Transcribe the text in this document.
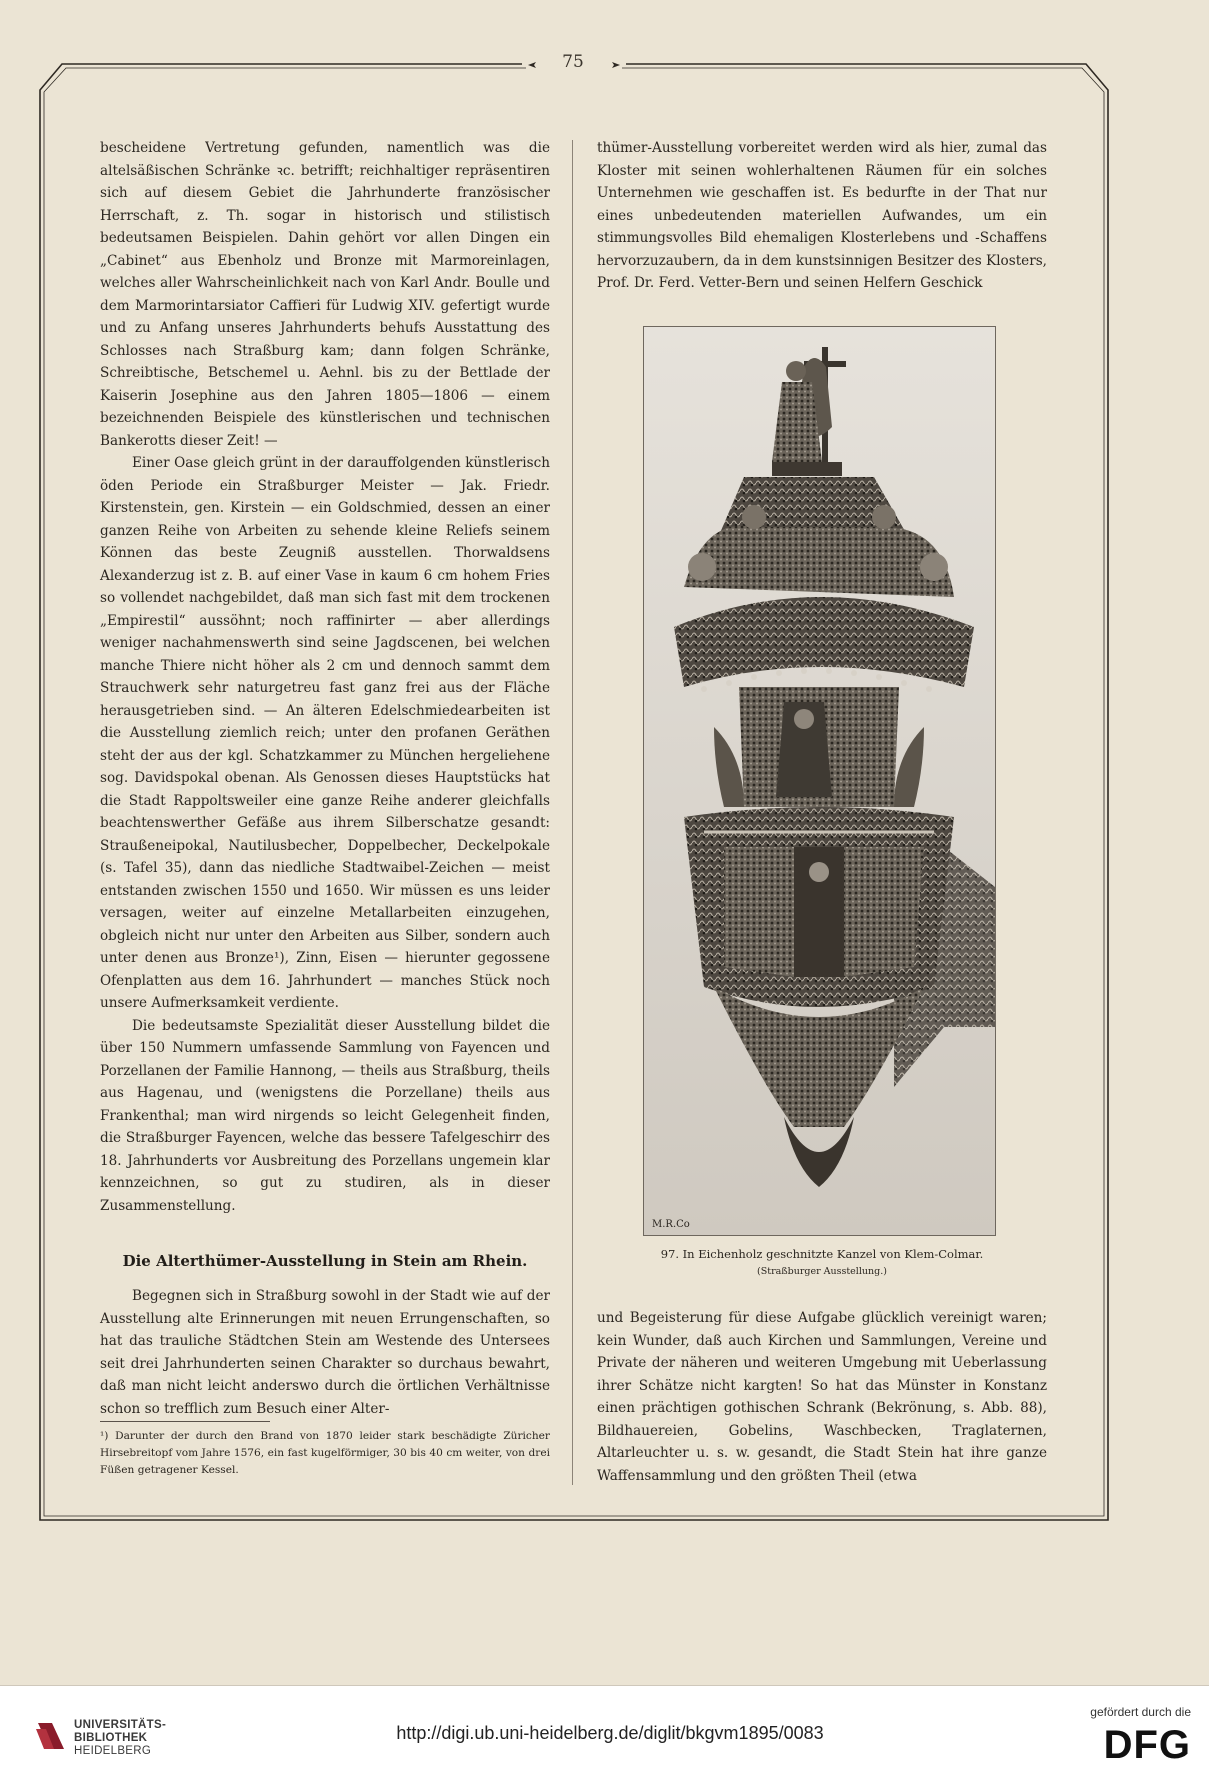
75

bescheidene Vertretung gefunden, namentlich was die altelsäßischen Schränke ꝛc. betrifft; reichhaltiger repräsentiren sich auf diesem Gebiet die Jahrhunderte französischer Herrschaft, z. Th. sogar in historisch und stilistisch bedeutsamen Beispielen. Dahin gehört vor allen Dingen ein „Cabinet“ aus Ebenholz und Bronze mit Marmoreinlagen, welches aller Wahrscheinlichkeit nach von Karl Andr. Boulle und dem Marmorintarsiator Caffieri für Ludwig XIV. gefertigt wurde und zu Anfang unseres Jahrhunderts behufs Ausstattung des Schlosses nach Straßburg kam; dann folgen Schränke, Schreibtische, Betschemel u. Aehnl. bis zu der Bettlade der Kaiserin Josephine aus den Jahren 1805—1806 — einem bezeichnenden Beispiele des künstlerischen und technischen Bankerotts dieser Zeit! —

Einer Oase gleich grünt in der darauffolgenden künstlerisch öden Periode ein Straßburger Meister — Jak. Friedr. Kirstenstein, gen. Kirstein — ein Goldschmied, dessen an einer ganzen Reihe von Arbeiten zu sehende kleine Reliefs seinem Können das beste Zeugniß ausstellen. Thorwaldsens Alexanderzug ist z. B. auf einer Vase in kaum 6 cm hohem Fries so vollendet nachgebildet, daß man sich fast mit dem trockenen „Empirestil“ aussöhnt; noch raffinirter — aber allerdings weniger nachahmenswerth sind seine Jagdscenen, bei welchen manche Thiere nicht höher als 2 cm und dennoch sammt dem Strauchwerk sehr naturgetreu fast ganz frei aus der Fläche herausgetrieben sind. — An älteren Edelschmiedearbeiten ist die Ausstellung ziemlich reich; unter den profanen Geräthen steht der aus der kgl. Schatzkammer zu München hergeliehene sog. Davidspokal obenan. Als Genossen dieses Hauptstücks hat die Stadt Rappoltsweiler eine ganze Reihe anderer gleichfalls beachtenswerther Gefäße aus ihrem Silberschatze gesandt: Straußeneipokal, Nautilusbecher, Doppelbecher, Deckelpokale (s. Tafel 35), dann das niedliche Stadtwaibel-Zeichen — meist entstanden zwischen 1550 und 1650. Wir müssen es uns leider versagen, weiter auf einzelne Metallarbeiten einzugehen, obgleich nicht nur unter den Arbeiten aus Silber, sondern auch unter denen aus Bronze¹), Zinn, Eisen — hierunter gegossene Ofenplatten aus dem 16. Jahrhundert — manches Stück noch unsere Aufmerksamkeit verdiente.

Die bedeutsamste Spezialität dieser Ausstellung bildet die über 150 Nummern umfassende Sammlung von Fayencen und Porzellanen der Familie Hannong, — theils aus Straßburg, theils aus Hagenau, und (wenigstens die Porzellane) theils aus Frankenthal; man wird nirgends so leicht Gelegenheit finden, die Straßburger Fayencen, welche das bessere Tafelgeschirr des 18. Jahrhunderts vor Ausbreitung des Porzellans ungemein klar kennzeichnen, so gut zu studiren, als in dieser Zusammenstellung.

Die Alterthümer-Ausstellung in Stein am Rhein.

Begegnen sich in Straßburg sowohl in der Stadt wie auf der Ausstellung alte Erinnerungen mit neuen Errungenschaften, so hat das trauliche Städtchen Stein am Westende des Untersees seit drei Jahrhunderten seinen Charakter so durchaus bewahrt, daß man nicht leicht anderswo durch die örtlichen Verhältnisse schon so trefflich zum Besuch einer Alter-

¹) Darunter der durch den Brand von 1870 leider stark beschädigte Züricher Hirsebreitopf vom Jahre 1576, ein fast kugelförmiger, 30 bis 40 cm weiter, von drei Füßen getragener Kessel.

thümer-Ausstellung vorbereitet werden wird als hier, zumal das Kloster mit seinen wohlerhaltenen Räumen für ein solches Unternehmen wie geschaffen ist. Es bedurfte in der That nur eines unbedeutenden materiellen Aufwandes, um ein stimmungsvolles Bild ehemaligen Klosterlebens und -Schaffens hervorzuzaubern, da in dem kunstsinnigen Besitzer des Klosters, Prof. Dr. Ferd. Vetter-Bern und seinen Helfern Geschick

M.R.Co
97. In Eichenholz geschnitzte Kanzel von Klem-Colmar.
(Straßburger Ausstellung.)

und Begeisterung für diese Aufgabe glücklich vereinigt waren; kein Wunder, daß auch Kirchen und Sammlungen, Vereine und Private der näheren und weiteren Umgebung mit Ueberlassung ihrer Schätze nicht kargten! So hat das Münster in Konstanz einen prächtigen gothischen Schrank (Bekrönung, s. Abb. 88), Bildhauereien, Gobelins, Waschbecken, Traglaternen, Altarleuchter u. s. w. gesandt, die Stadt Stein hat ihre ganze Waffensammlung und den größten Theil (etwa

UNIVERSITÄTS-
BIBLIOTHEK
HEIDELBERG
http://digi.ub.uni-heidelberg.de/diglit/bkgvm1895/0083
gefördert durch die
DFG
